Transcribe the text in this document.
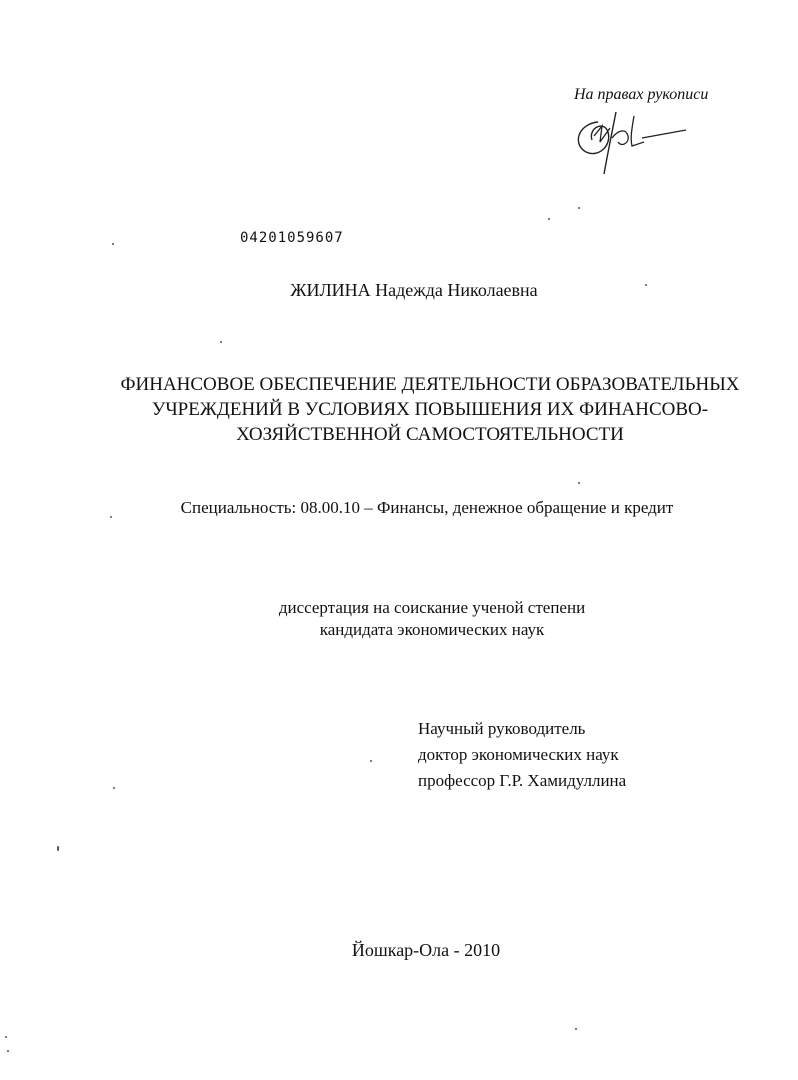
На правах рукописи
04201059607
ЖИЛИНА Надежда Николаевна
ФИНАНСОВОЕ ОБЕСПЕЧЕНИЕ ДЕЯТЕЛЬНОСТИ ОБРАЗОВАТЕЛЬНЫХ
УЧРЕЖДЕНИЙ В УСЛОВИЯХ ПОВЫШЕНИЯ ИХ ФИНАНСОВО-
ХОЗЯЙСТВЕННОЙ САМОСТОЯТЕЛЬНОСТИ
Специальность: 08.00.10 – Финансы, денежное обращение и кредит
диссертация на соискание ученой степени
кандидата экономических наук
Научный руководитель
доктор экономических наук
профессор Г.Р. Хамидуллина
Йошкар-Ола - 2010
